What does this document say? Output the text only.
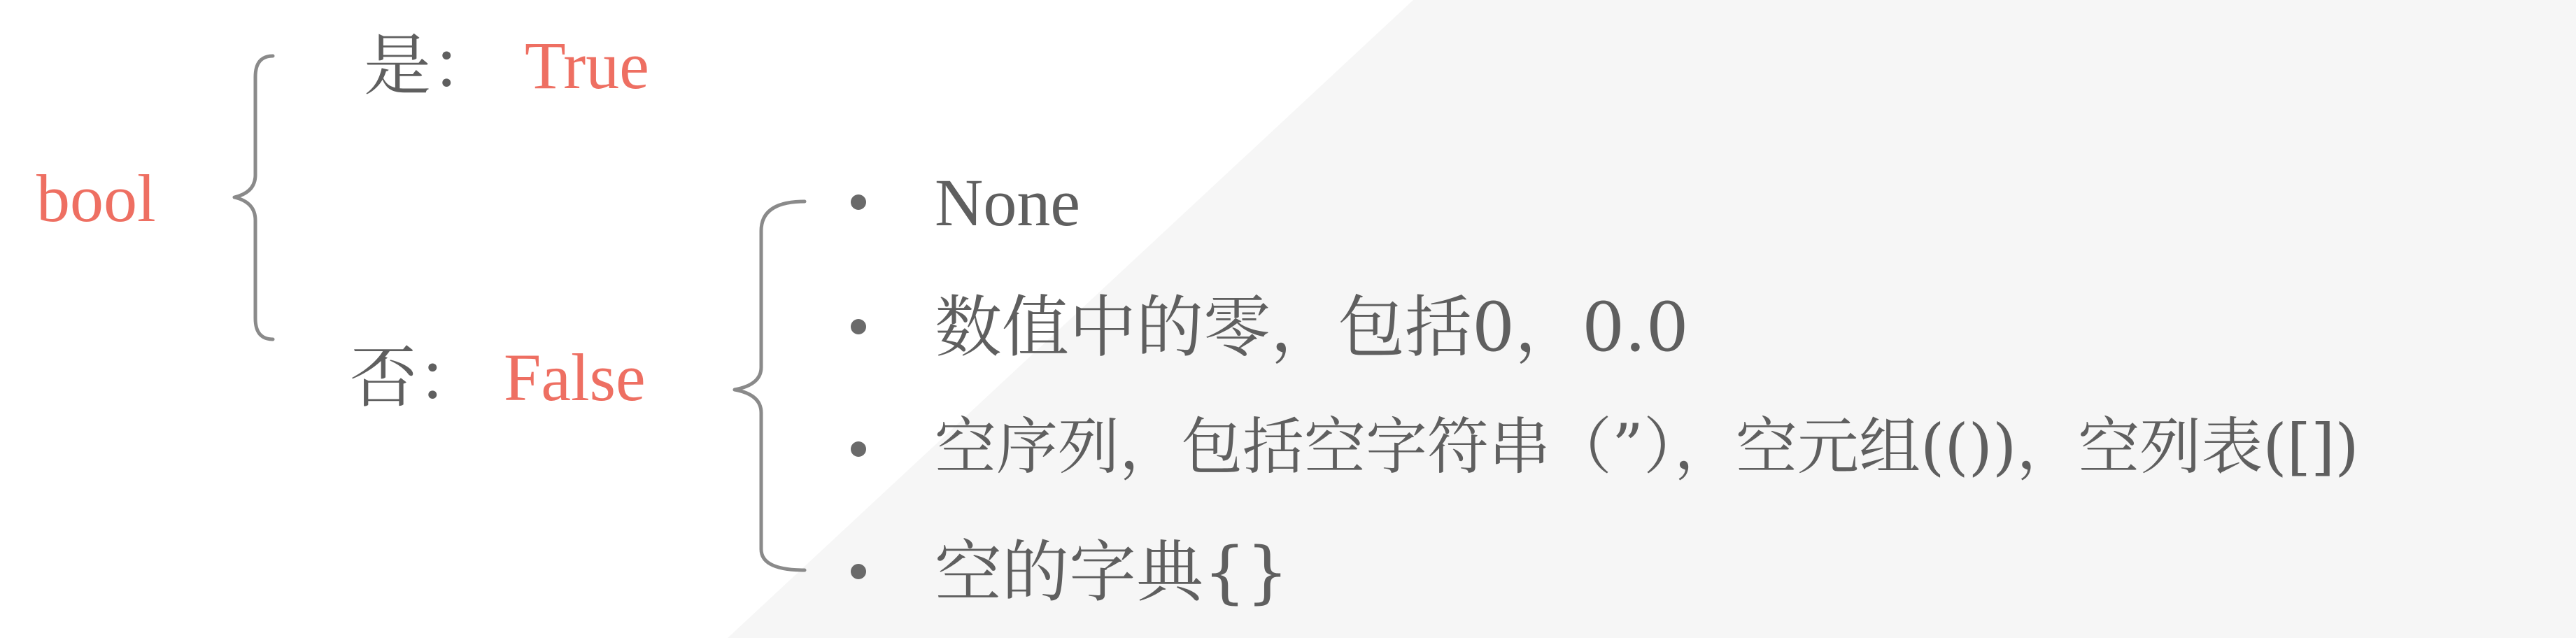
bool
是： True
否： False
None
数值中的零，包括0，0.0
空序列，包括空字符串（”），空元组(())，空列表([])
空的字典{}
